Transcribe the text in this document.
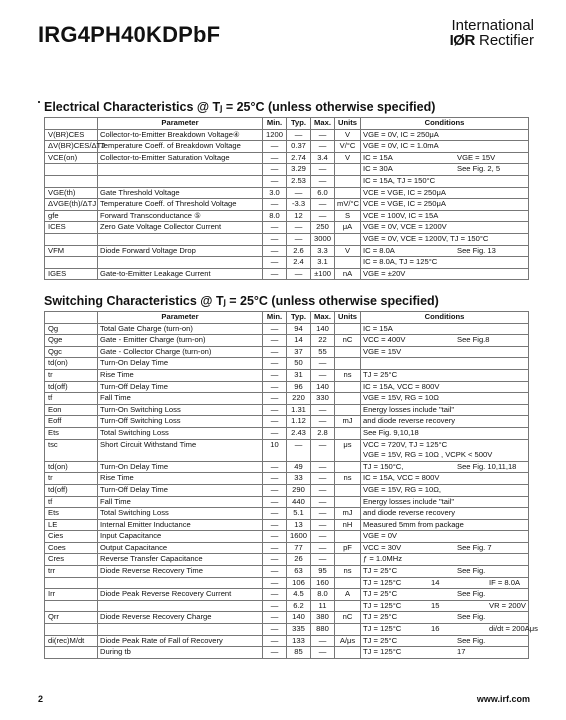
IRG4PH40KDPbF	International
IØR Rectifier
Electrical Characteristics @ Tⱼ = 25°C (unless otherwise specified)
	Parameter	Min.	Typ.	Max.	Units	Conditions
V(BR)CES	Collector-to-Emitter Breakdown Voltage④	1200	—	—	V	VGE = 0V, IC = 250μA
ΔV(BR)CES/ΔTJ	Temperature Coeff. of Breakdown Voltage	—	0.37	—	V/°C	VGE = 0V, IC = 1.0mA
VCE(on)	Collector-to-Emitter Saturation Voltage	—	2.74	3.4	V	IC = 15A VGE = 15V

		—	3.29	—		IC = 30A See Fig. 2, 5

		—	2.53	—		IC = 15A, TJ = 150°C
VGE(th)	Gate Threshold Voltage	3.0	—	6.0		VCE = VGE, IC = 250μA
ΔVGE(th)/ΔTJ	Temperature Coeff. of Threshold Voltage	—	-3.3	—	mV/°C	VCE = VGE, IC = 250μA
gfe	Forward Transconductance ⑤	8.0	12	—	S	VCE = 100V, IC = 15A
ICES	Zero Gate Voltage Collector Current	—	—	250	μA	VGE = 0V, VCE = 1200V
		—	—	3000		VGE = 0V, VCE = 1200V, TJ = 150°C
VFM	Diode Forward Voltage Drop	—	2.6	3.3	V	IC = 8.0A See Fig. 13

		—	2.4	3.1		IC = 8.0A, TJ = 125°C
IGES	Gate-to-Emitter Leakage Current	—	—	±100	nA	VGE = ±20V
Switching Characteristics @ Tⱼ = 25°C (unless otherwise specified)
	Parameter	Min.	Typ.	Max.	Units	Conditions
Qg	Total Gate Charge (turn-on)	—	94	140		IC = 15A
Qge	Gate - Emitter Charge (turn-on)	—	14	22	nC	VCC = 400V See Fig.8

Qgc	Gate - Collector Charge (turn-on)	—	37	55		VGE = 15V
td(on)	Turn-On Delay Time	—	50	—		
tr	Rise Time	—	31	—	ns	TJ = 25°C
td(off)	Turn-Off Delay Time	—	96	140		IC = 15A, VCC = 800V
tf	Fall Time	—	220	330		VGE = 15V, RG = 10Ω
Eon	Turn-On Switching Loss	—	1.31	—		Energy losses include "tail"
Eoff	Turn-Off Switching Loss	—	1.12	—	mJ	and diode reverse recovery
Ets	Total Switching Loss	—	2.43	2.8		See Fig. 9,10,18
tsc	Short Circuit Withstand Time	10	—	—	μs	VCC = 720V, TJ = 125°C
VGE = 15V, RG = 10Ω , VCPK < 500V
td(on)	Turn-On Delay Time	—	49	—		TJ = 150°C, See Fig. 10,11,18

tr	Rise Time	—	33	—	ns	IC = 15A, VCC = 800V
td(off)	Turn-Off Delay Time	—	290	—		VGE = 15V, RG = 10Ω,
tf	Fall Time	—	440	—		Energy losses include "tail"
Ets	Total Switching Loss	—	5.1	—	mJ	and diode reverse recovery
LE	Internal Emitter Inductance	—	13	—	nH	Measured 5mm from package
Cies	Input Capacitance	—	1600	—		VGE = 0V
Coes	Output Capacitance	—	77	—	pF	VCC = 30V See Fig. 7

Cres	Reverse Transfer Capacitance	—	26	—		ƒ = 1.0MHz
trr	Diode Reverse Recovery Time	—	63	95	ns	TJ = 25°C See Fig.

		—	106	160		TJ = 125°C 14 IF = 8.0A

Irr	Diode Peak Reverse Recovery Current	—	4.5	8.0	A	TJ = 25°C See Fig.

		—	6.2	11		TJ = 125°C 15 VR = 200V

Qrr	Diode Reverse Recovery Charge	—	140	380	nC	TJ = 25°C See Fig.

		—	335	880		TJ = 125°C 16 di/dt = 200Aμs

di(rec)M/dt	Diode Peak Rate of Fall of Recovery	—	133	—	A/μs	TJ = 25°C See Fig.

	During tb	—	85	—		TJ = 125°C 17
2	www.irf.com
